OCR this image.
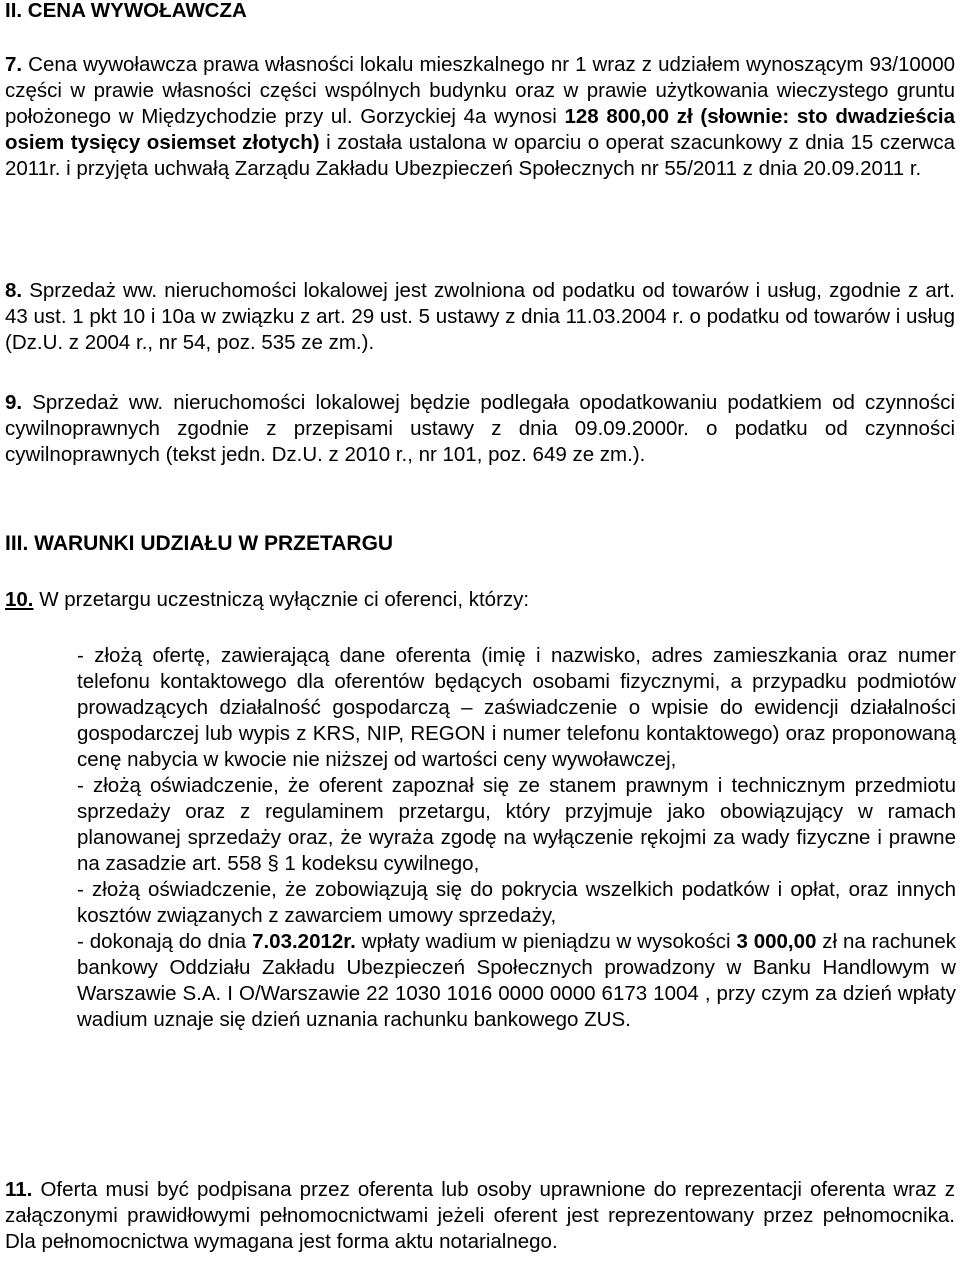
II. CENA WYWOŁAWCZA

7. Cena wywoławcza prawa własności lokalu mieszkalnego nr 1 wraz z udziałem wynoszącym 93/10000 części w prawie własności części wspólnych budynku oraz w prawie użytkowania wieczystego gruntu położonego w Międzychodzie przy ul. Gorzyckiej 4a wynosi 128 800,00 zł (słownie: sto dwadzieścia osiem tysięcy osiemset złotych) i została ustalona w oparciu o operat szacunkowy z dnia 15 czerwca 2011r. i przyjęta uchwałą Zarządu Zakładu Ubezpieczeń Społecznych nr 55/2011 z dnia 20.09.2011 r.

8. Sprzedaż ww. nieruchomości lokalowej jest zwolniona od podatku od towarów i usług, zgodnie z art. 43 ust. 1 pkt 10 i 10a w związku z art. 29 ust. 5 ustawy z dnia 11.03.2004 r. o podatku od towarów i usług (Dz.U. z 2004 r., nr 54, poz. 535 ze zm.).

9. Sprzedaż ww. nieruchomości lokalowej będzie podlegała opodatkowaniu podatkiem od czynności cywilnoprawnych zgodnie z przepisami ustawy z dnia 09.09.2000r. o podatku od czynności cywilnoprawnych (tekst jedn. Dz.U. z 2010 r., nr 101, poz. 649 ze zm.).

III. WARUNKI UDZIAŁU W PRZETARGU

10. W przetargu uczestniczą wyłącznie ci oferenci, którzy:

- złożą ofertę, zawierającą dane oferenta (imię i nazwisko, adres zamieszkania oraz numer telefonu kontaktowego dla oferentów będących osobami fizycznymi, a przypadku podmiotów prowadzących działalność gospodarczą – zaświadczenie o wpisie do ewidencji działalności gospodarczej lub wypis z KRS, NIP, REGON i numer telefonu kontaktowego) oraz proponowaną cenę nabycia w kwocie nie niższej od wartości ceny wywoławczej,

- złożą oświadczenie, że oferent zapoznał się ze stanem prawnym i technicznym przedmiotu sprzedaży oraz z regulaminem przetargu, który przyjmuje jako obowiązujący w ramach planowanej sprzedaży oraz, że wyraża zgodę na wyłączenie rękojmi za wady fizyczne i prawne na zasadzie art. 558 § 1 kodeksu cywilnego,

- złożą oświadczenie, że zobowiązują się do pokrycia wszelkich podatków i opłat, oraz innych kosztów związanych z zawarciem umowy sprzedaży,

- dokonają do dnia 7.03.2012r. wpłaty wadium w pieniądzu w wysokości 3 000,00 zł na rachunek bankowy Oddziału Zakładu Ubezpieczeń Społecznych prowadzony w Banku Handlowym w Warszawie S.A. I O/Warszawie 22 1030 1016 0000 0000 6173 1004 , przy czym za dzień wpłaty wadium uznaje się dzień uznania rachunku bankowego ZUS.

11. Oferta musi być podpisana przez oferenta lub osoby uprawnione do reprezentacji oferenta wraz z załączonymi prawidłowymi pełnomocnictwami jeżeli oferent jest reprezentowany przez pełnomocnika. Dla pełnomocnictwa wymagana jest forma aktu notarialnego.
